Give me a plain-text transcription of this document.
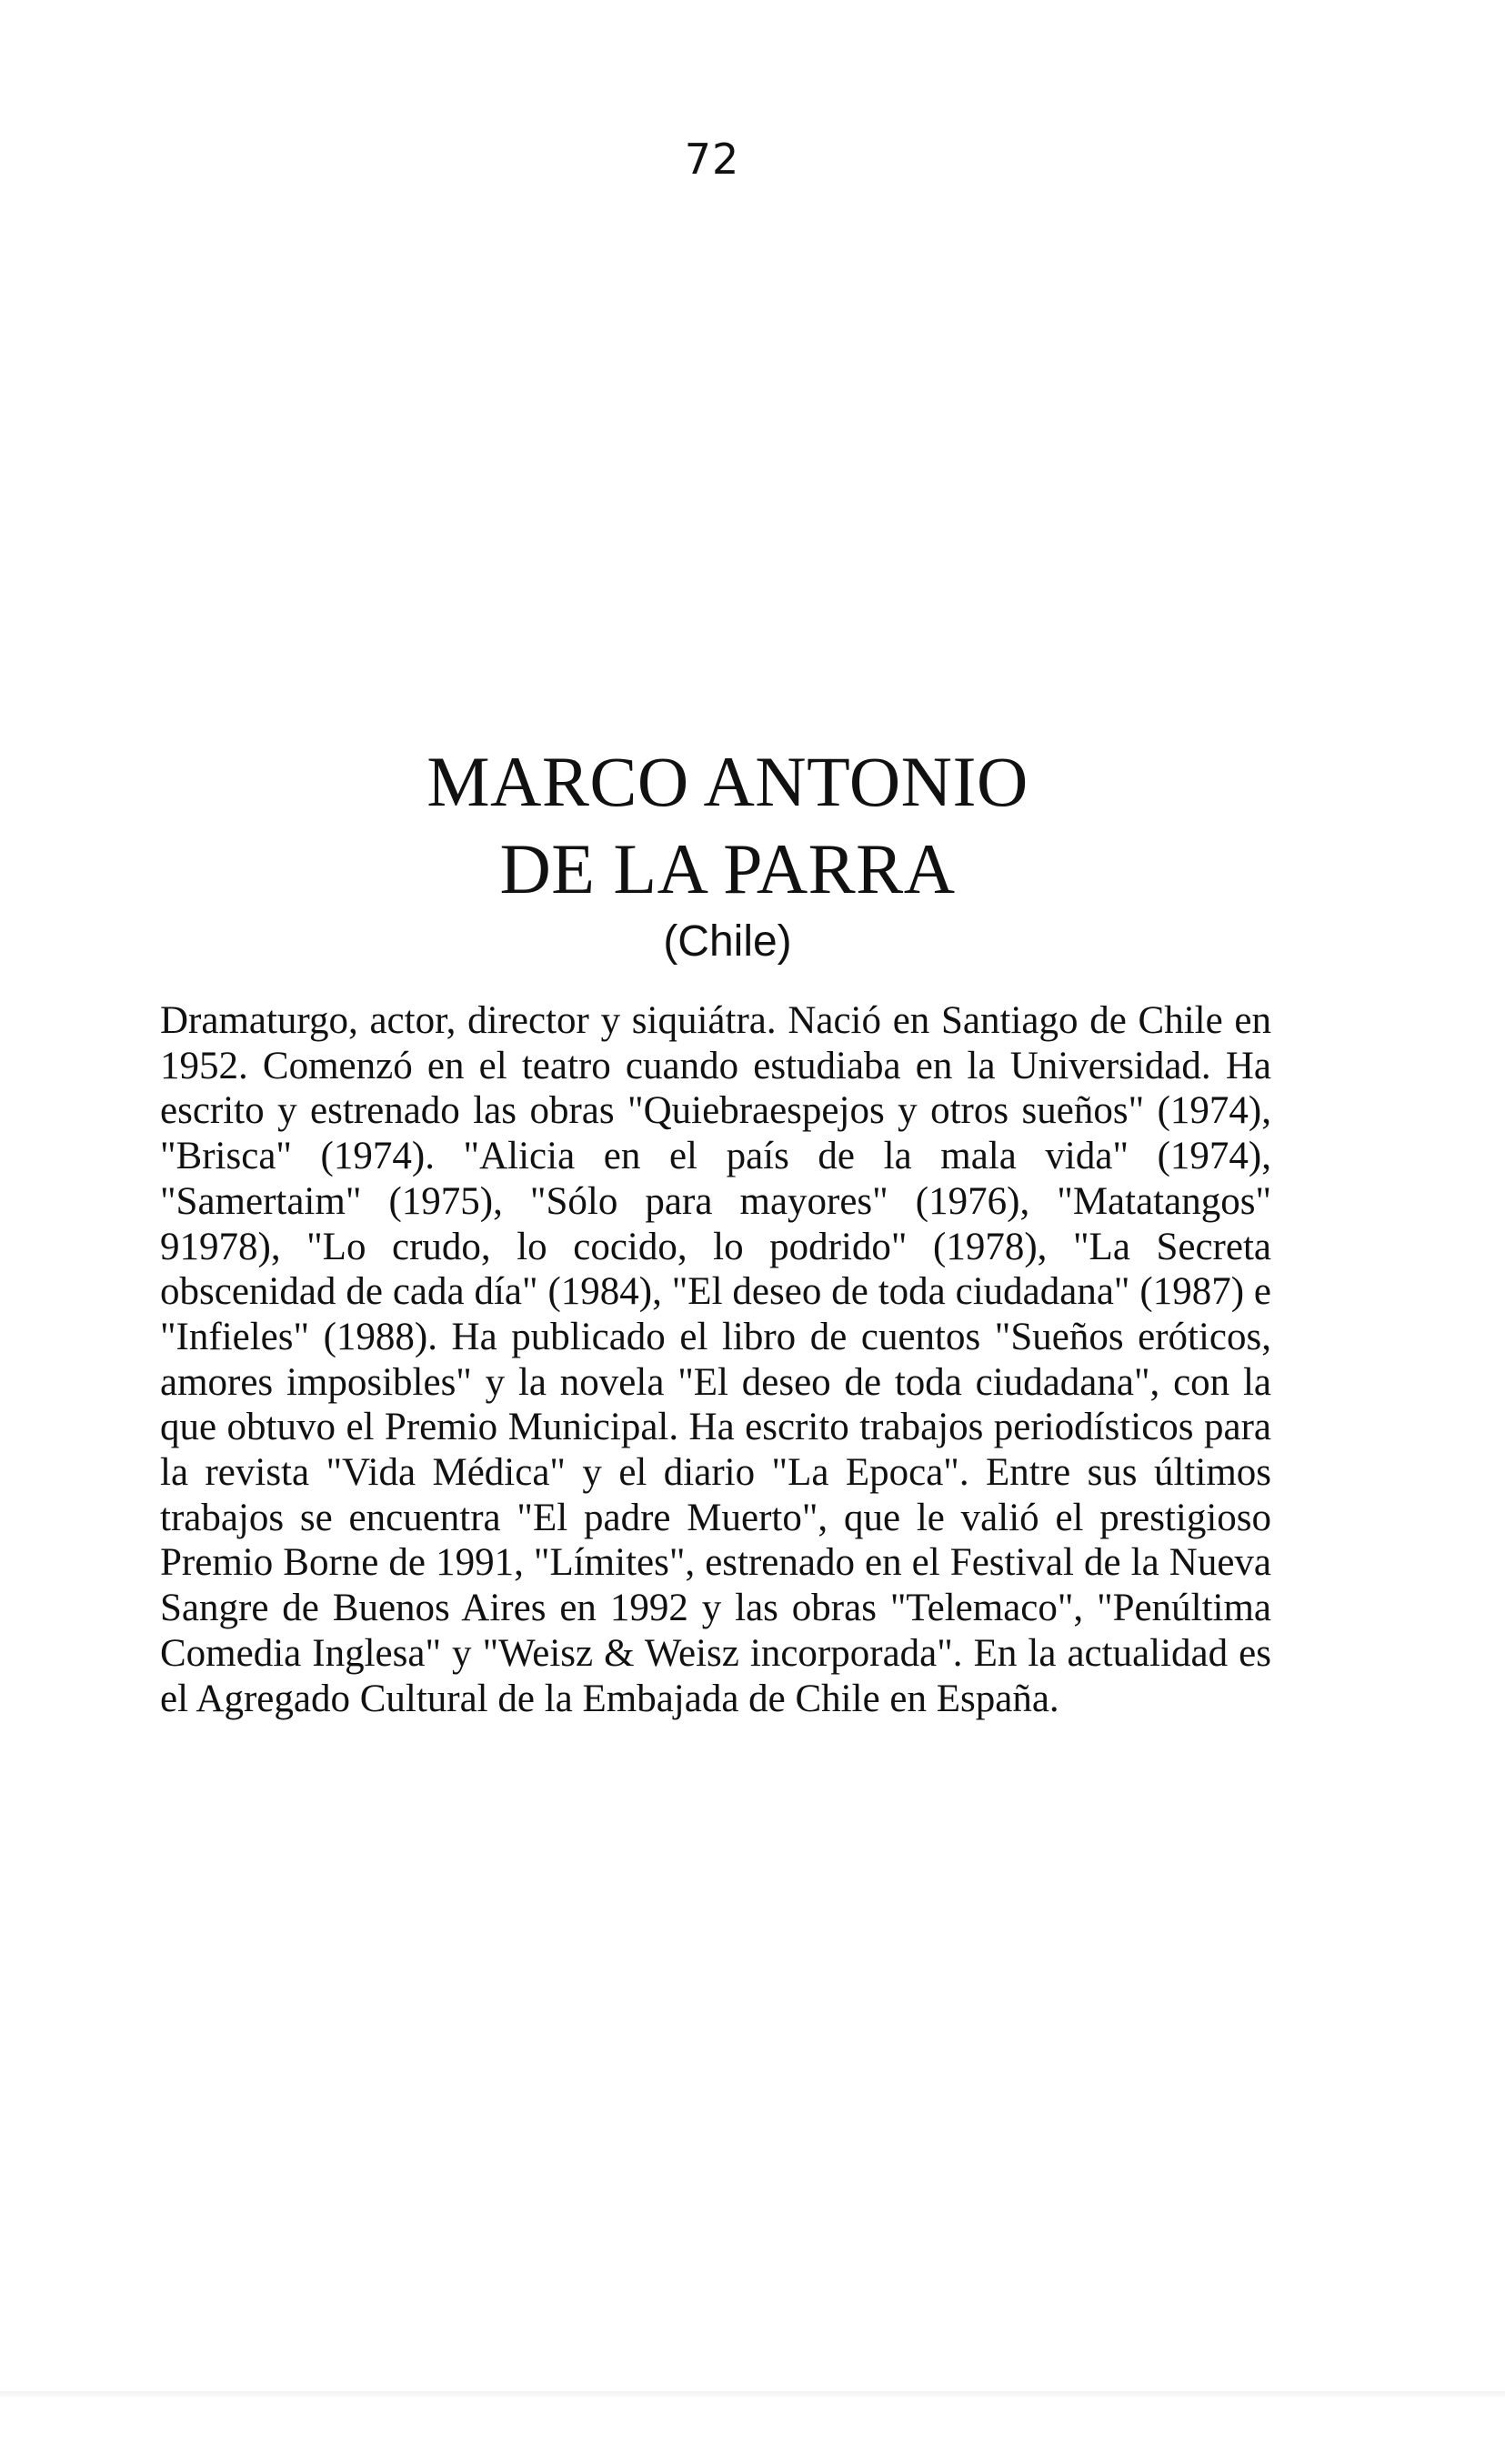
72
MARCO ANTONIO
DE LA PARRA
(Chile)

Dramaturgo, actor, director y siquiátra. Nació en Santiago de Chile en 1952. Comenzó en el teatro cuando estudiaba en la Universidad. Ha escrito y estrenado las obras "Quiebraespejos y otros sueños" (1974), "Brisca" (1974). "Alicia en el país de la mala vida" (1974), "Samertaim" (1975), "Sólo para mayores" (1976), "Matatangos" 91978), "Lo crudo, lo cocido, lo podrido" (1978), "La Secreta obscenidad de cada día" (1984), "El deseo de toda ciudadana" (1987) e "Infieles" (1988). Ha publicado el libro de cuentos "Sueños eróticos, amores imposibles" y la novela "El deseo de toda ciudadana", con la que obtuvo el Premio Municipal. Ha escrito trabajos periodísticos para la revista "Vida Médica" y el diario "La Epoca". Entre sus últimos trabajos se encuentra "El padre Muerto", que le valió el prestigioso Premio Borne de 1991, "Límites", estrenado en el Festival de la Nueva Sangre de Buenos Aires en 1992 y las obras "Telemaco", "Penúltima Comedia Inglesa" y "Weisz & Weisz incorporada". En la actualidad es el Agregado Cultural de la Embajada de Chile en España.
